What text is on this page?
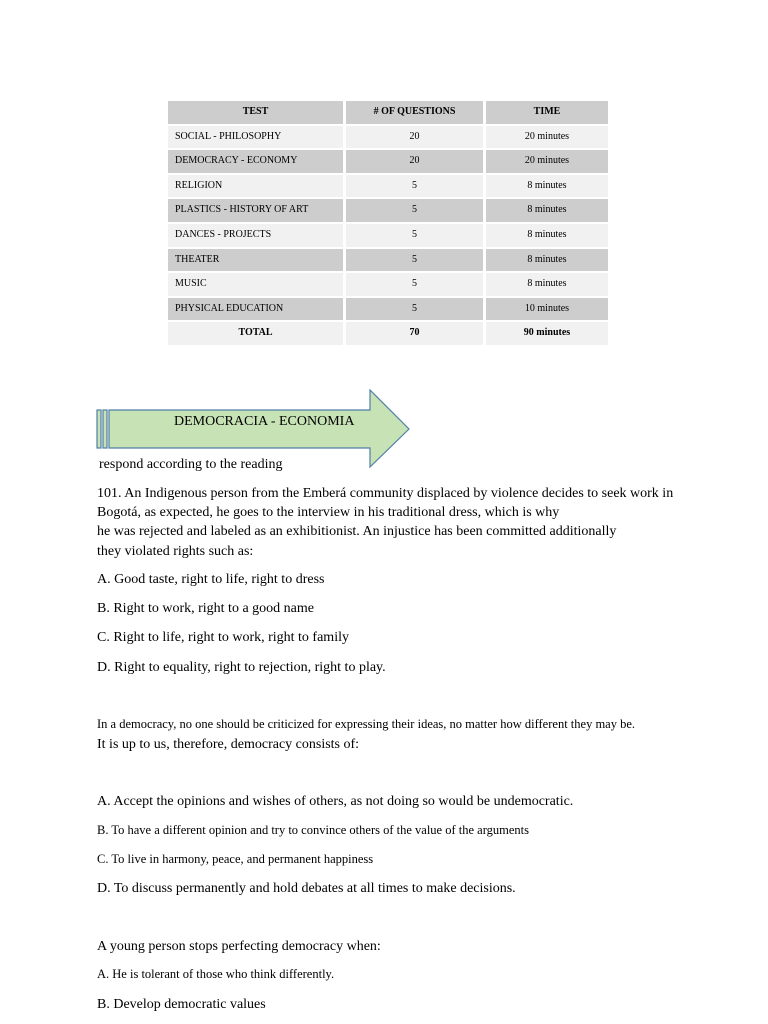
TEST	# OF QUESTIONS	TIME
SOCIAL - PHILOSOPHY	20	20 minutes
DEMOCRACY - ECONOMY	20	20 minutes
RELIGION	5	8 minutes
PLASTICS - HISTORY OF ART	5	8 minutes
DANCES - PROJECTS	5	8 minutes
THEATER	5	8 minutes
MUSIC	5	8 minutes
PHYSICAL EDUCATION	5	10 minutes
TOTAL	70	90 minutes
DEMOCRACIA - ECONOMIA
respond according to the reading
101. An Indigenous person from the Emberá community displaced by violence decides to seek work in
Bogotá, as expected, he goes to the interview in his traditional dress, which is why
he was rejected and labeled as an exhibitionist. An injustice has been committed additionally
they violated rights such as:
A. Good taste, right to life, right to dress
B. Right to work, right to a good name
C. Right to life, right to work, right to family
D. Right to equality, right to rejection, right to play.
In a democracy, no one should be criticized for expressing their ideas, no matter how different they may be.
It is up to us, therefore, democracy consists of:
A. Accept the opinions and wishes of others, as not doing so would be undemocratic.
B. To have a different opinion and try to convince others of the value of the arguments
C. To live in harmony, peace, and permanent happiness
D. To discuss permanently and hold debates at all times to make decisions.
A young person stops perfecting democracy when:
A. He is tolerant of those who think differently.
B. Develop democratic values
